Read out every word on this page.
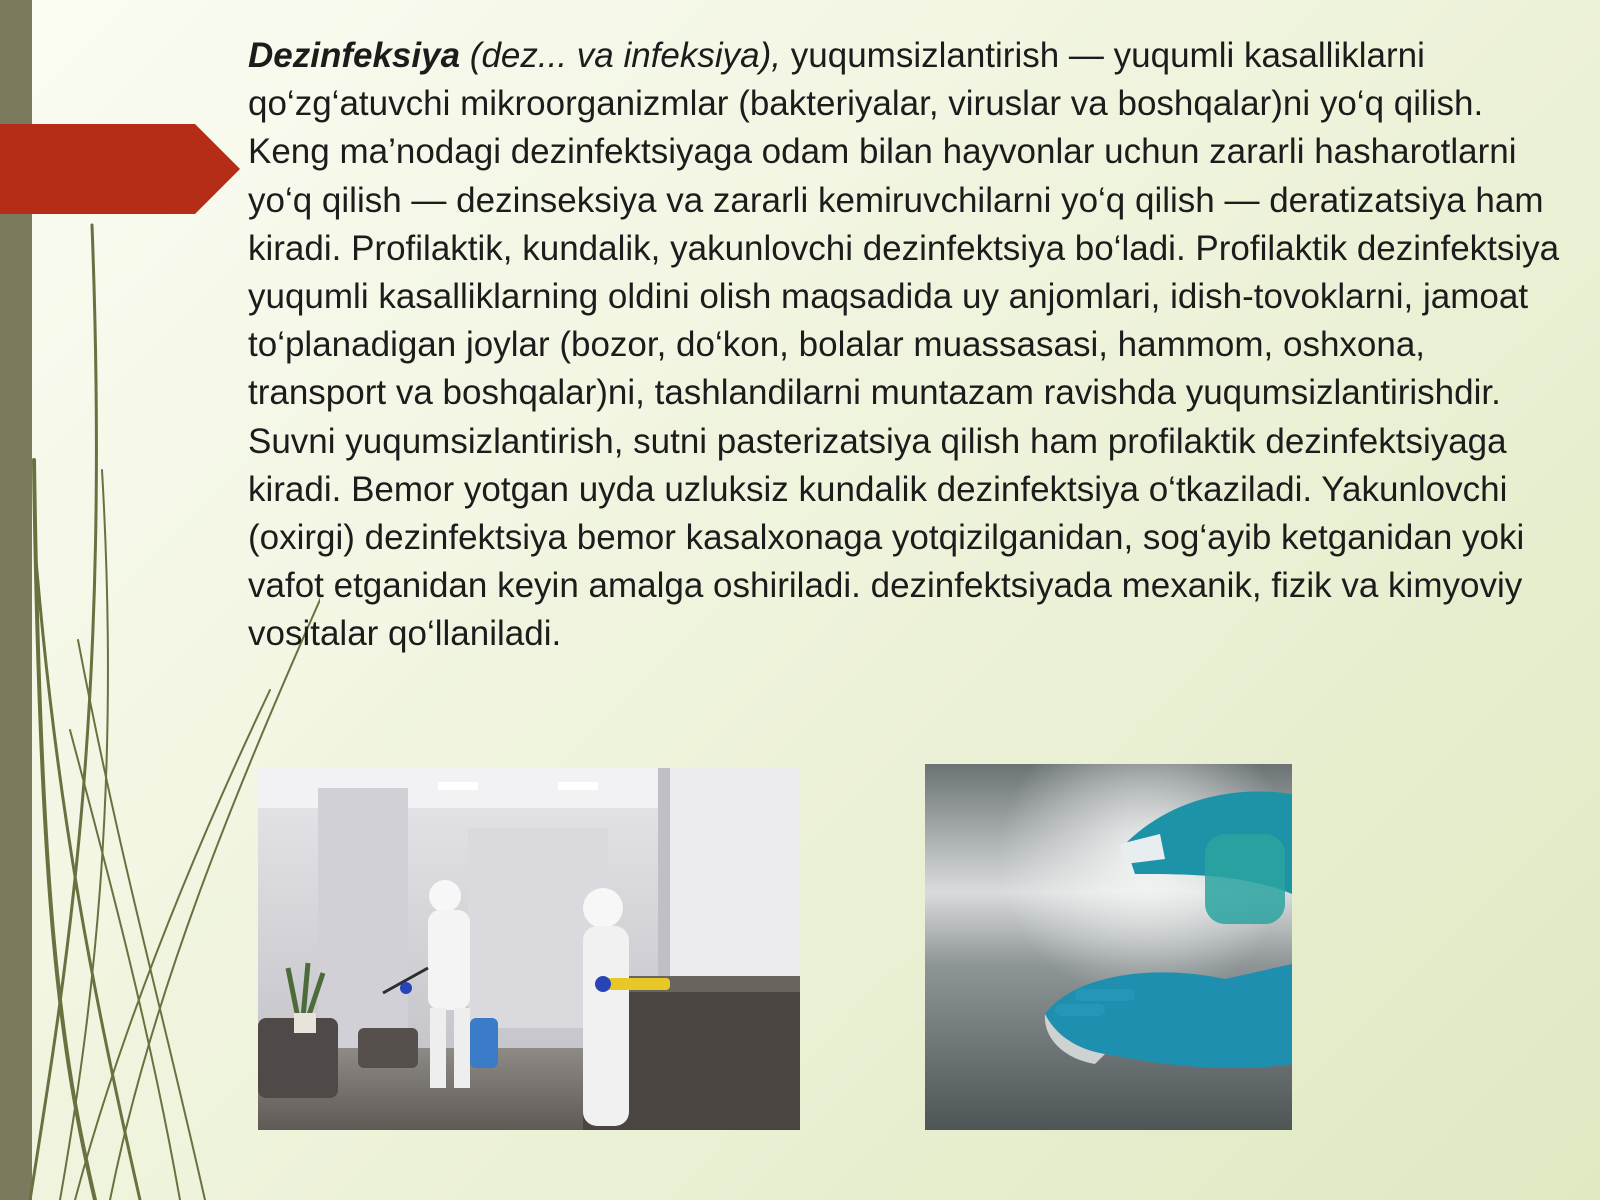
Dezinfeksiya (dez... va infeksiya), yuqumsizlantirish — yuqumli kasalliklarni qo‘zg‘atuvchi mikroorganizmlar (bakteriyalar, viruslar va boshqalar)ni yo‘q qilish. Keng ma’nodagi dezinfektsiyaga odam bilan hayvonlar uchun zararli hasharotlarni yo‘q qilish — dezinseksiya va zararli kemiruvchilarni yo‘q qilish — deratizatsiya ham kiradi. Profilaktik, kundalik, yakunlovchi dezinfektsiya bo‘ladi. Profilaktik dezinfektsiya yuqumli kasalliklarning oldini olish maqsadida uy anjomlari, idish-tovoklarni, jamoat to‘planadigan joylar (bozor, do‘kon, bolalar muassasasi, hammom, oshxona, transport va boshqalar)ni, tashlandilarni muntazam ravishda yuqumsizlantirishdir. Suvni yuqumsizlantirish, sutni pasterizatsiya qilish ham profilaktik dezinfektsiyaga kiradi. Bemor yotgan uyda uzluksiz kundalik dezinfektsiya o‘tkaziladi. Yakunlovchi (oxirgi) dezinfektsiya bemor kasalxonaga yotqizilganidan, sog‘ayib ketganidan yoki vafot etganidan keyin amalga oshiriladi. dezinfektsiyada mexanik, fizik va kimyoviy vositalar qo‘llaniladi.
